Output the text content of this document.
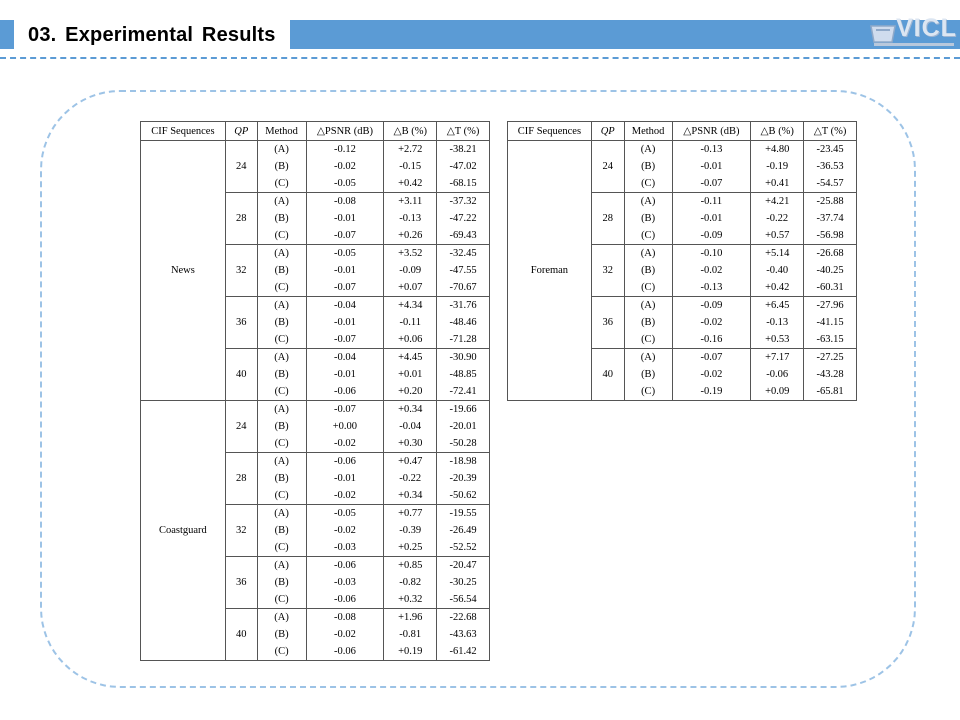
03. Experimental Results	VICL
CIF Sequences	QP	Method	△PSNR (dB)	△B (%)	△T (%)
News	24	(A)	-0.12	+2.72	-38.21
		(B)	-0.02	-0.15	-47.02
		(C)	-0.05	+0.42	-68.15
	28	(A)	-0.08	+3.11	-37.32
		(B)	-0.01	-0.13	-47.22
		(C)	-0.07	+0.26	-69.43
	32	(A)	-0.05	+3.52	-32.45
		(B)	-0.01	-0.09	-47.55
		(C)	-0.07	+0.07	-70.67
	36	(A)	-0.04	+4.34	-31.76
		(B)	-0.01	-0.11	-48.46
		(C)	-0.07	+0.06	-71.28
	40	(A)	-0.04	+4.45	-30.90
		(B)	-0.01	+0.01	-48.85
		(C)	-0.06	+0.20	-72.41
Coastguard	24	(A)	-0.07	+0.34	-19.66
		(B)	+0.00	-0.04	-20.01
		(C)	-0.02	+0.30	-50.28
	28	(A)	-0.06	+0.47	-18.98
		(B)	-0.01	-0.22	-20.39
		(C)	-0.02	+0.34	-50.62
	32	(A)	-0.05	+0.77	-19.55
		(B)	-0.02	-0.39	-26.49
		(C)	-0.03	+0.25	-52.52
	36	(A)	-0.06	+0.85	-20.47
		(B)	-0.03	-0.82	-30.25
		(C)	-0.06	+0.32	-56.54
	40	(A)	-0.08	+1.96	-22.68
		(B)	-0.02	-0.81	-43.63
		(C)	-0.06	+0.19	-61.42
CIF Sequences	QP	Method	△PSNR (dB)	△B (%)	△T (%)
Foreman	24	(A)	-0.13	+4.80	-23.45
		(B)	-0.01	-0.19	-36.53
		(C)	-0.07	+0.41	-54.57
	28	(A)	-0.11	+4.21	-25.88
		(B)	-0.01	-0.22	-37.74
		(C)	-0.09	+0.57	-56.98
	32	(A)	-0.10	+5.14	-26.68
		(B)	-0.02	-0.40	-40.25
		(C)	-0.13	+0.42	-60.31
	36	(A)	-0.09	+6.45	-27.96
		(B)	-0.02	-0.13	-41.15
		(C)	-0.16	+0.53	-63.15
	40	(A)	-0.07	+7.17	-27.25
		(B)	-0.02	-0.06	-43.28
		(C)	-0.19	+0.09	-65.81
